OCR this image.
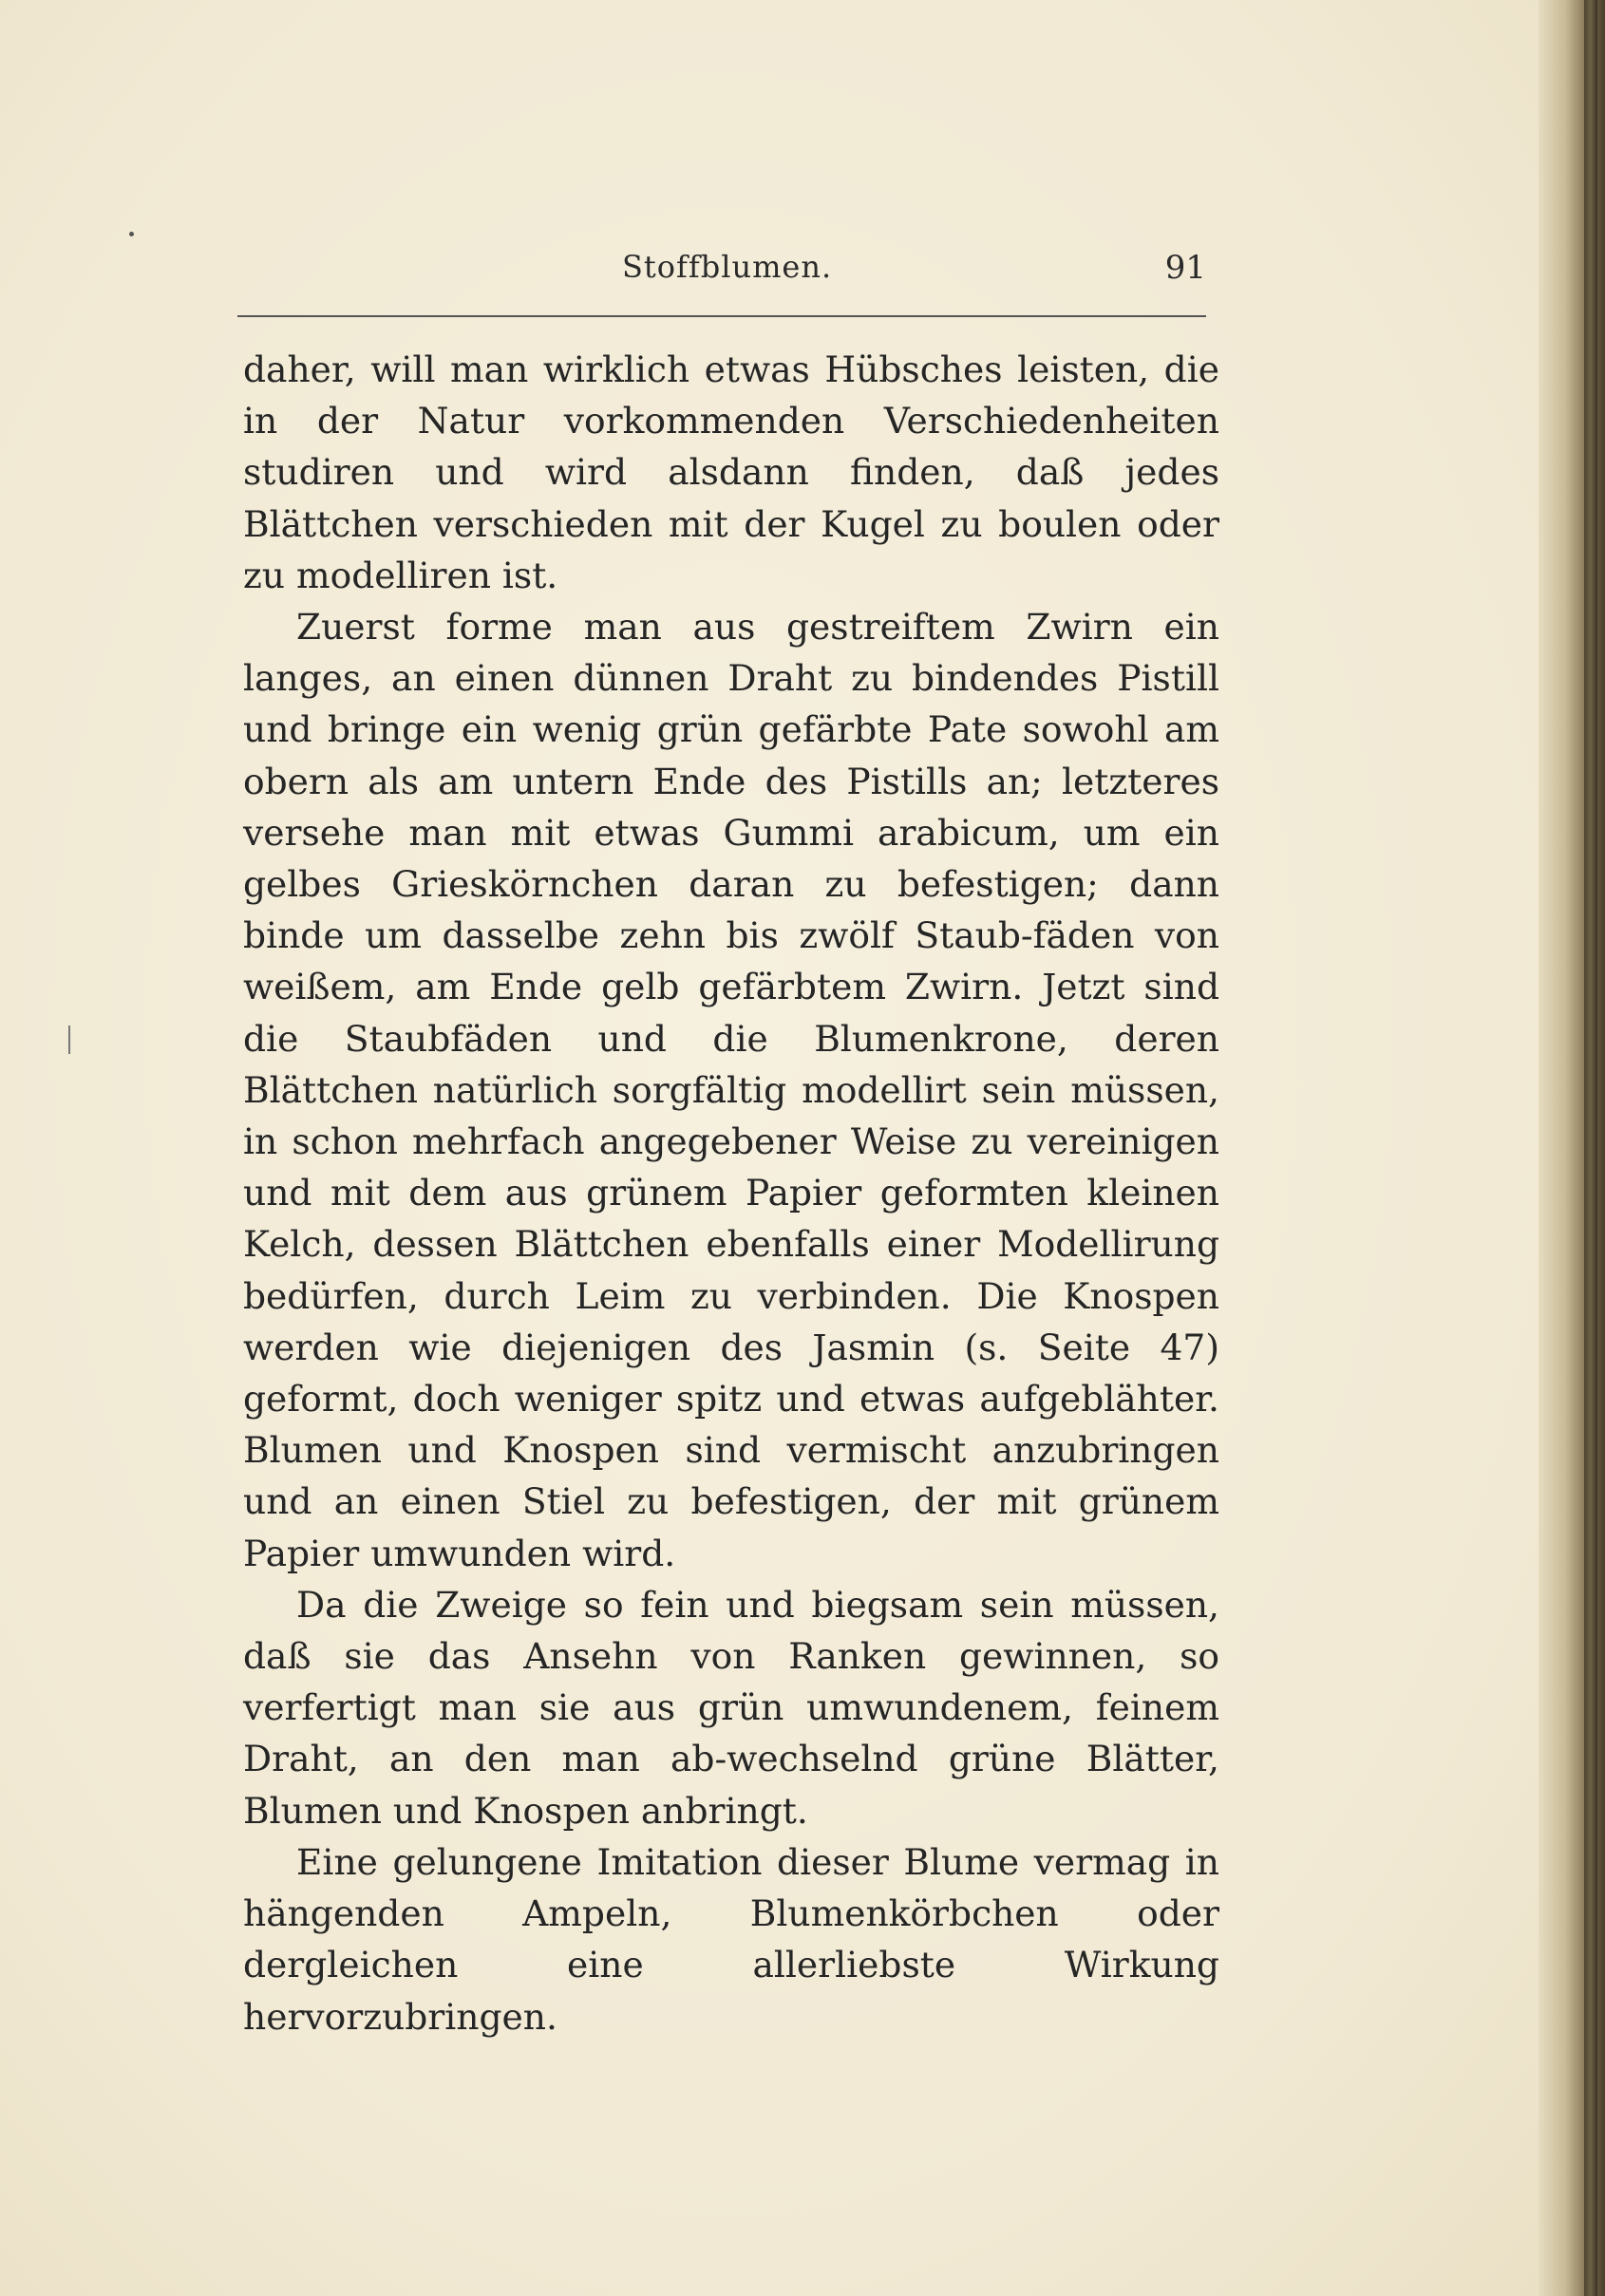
Stoffblumen.	91

daher, will man wirklich etwas Hübsches leisten, die in der Natur vorkommenden Verschiedenheiten studiren und wird alsdann finden, daß jedes Blättchen verschieden mit der Kugel zu boulen oder zu modelliren ist.

Zuerst forme man aus gestreiftem Zwirn ein langes, an einen dünnen Draht zu bindendes Pistill und bringe ein wenig grün gefärbte Pate sowohl am obern als am untern Ende des Pistills an; letzteres versehe man mit etwas Gummi arabicum, um ein gelbes Grieskörnchen daran zu befestigen; dann binde um dasselbe zehn bis zwölf Staub-fäden von weißem, am Ende gelb gefärbtem Zwirn. Jetzt sind die Staubfäden und die Blumenkrone, deren Blättchen natürlich sorgfältig modellirt sein müssen, in schon mehrfach angegebener Weise zu vereinigen und mit dem aus grünem Papier geformten kleinen Kelch, dessen Blättchen ebenfalls einer Modellirung bedürfen, durch Leim zu verbinden. Die Knospen werden wie diejenigen des Jasmin (s. Seite 47) geformt, doch weniger spitz und etwas aufgeblähter. Blumen und Knospen sind vermischt anzubringen und an einen Stiel zu befestigen, der mit grünem Papier umwunden wird.

Da die Zweige so fein und biegsam sein müssen, daß sie das Ansehn von Ranken gewinnen, so verfertigt man sie aus grün umwundenem, feinem Draht, an den man ab-wechselnd grüne Blätter, Blumen und Knospen anbringt.

Eine gelungene Imitation dieser Blume vermag in hängenden Ampeln, Blumenkörbchen oder dergleichen eine allerliebste Wirkung hervorzubringen.
